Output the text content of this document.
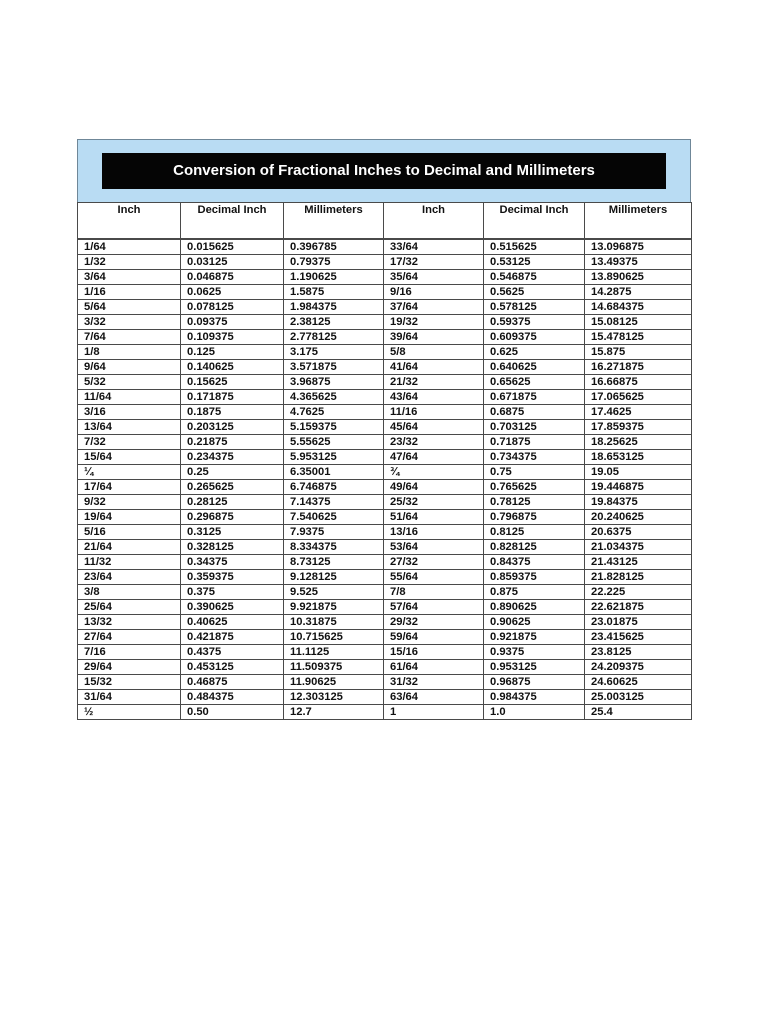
Conversion of Fractional Inches to Decimal and Millimeters
Inch	Decimal Inch	Millimeters	Inch	Decimal Inch	Millimeters
1/64	0.015625	0.396785	33/64	0.515625	13.096875
1/32	0.03125	0.79375	17/32	0.53125	13.49375
3/64	0.046875	1.190625	35/64	0.546875	13.890625
1/16	0.0625	1.5875	9/16	0.5625	14.2875
5/64	0.078125	1.984375	37/64	0.578125	14.684375
3/32	0.09375	2.38125	19/32	0.59375	15.08125
7/64	0.109375	2.778125	39/64	0.609375	15.478125
1/8	0.125	3.175	5/8	0.625	15.875
9/64	0.140625	3.571875	41/64	0.640625	16.271875
5/32	0.15625	3.96875	21/32	0.65625	16.66875
11/64	0.171875	4.365625	43/64	0.671875	17.065625
3/16	0.1875	4.7625	11/16	0.6875	17.4625
13/64	0.203125	5.159375	45/64	0.703125	17.859375
7/32	0.21875	5.55625	23/32	0.71875	18.25625
15/64	0.234375	5.953125	47/64	0.734375	18.653125
¼	0.25	6.35001	¾	0.75	19.05
17/64	0.265625	6.746875	49/64	0.765625	19.446875
9/32	0.28125	7.14375	25/32	0.78125	19.84375
19/64	0.296875	7.540625	51/64	0.796875	20.240625
5/16	0.3125	7.9375	13/16	0.8125	20.6375
21/64	0.328125	8.334375	53/64	0.828125	21.034375
11/32	0.34375	8.73125	27/32	0.84375	21.43125
23/64	0.359375	9.128125	55/64	0.859375	21.828125
3/8	0.375	9.525	7/8	0.875	22.225
25/64	0.390625	9.921875	57/64	0.890625	22.621875
13/32	0.40625	10.31875	29/32	0.90625	23.01875
27/64	0.421875	10.715625	59/64	0.921875	23.415625
7/16	0.4375	11.1125	15/16	0.9375	23.8125
29/64	0.453125	11.509375	61/64	0.953125	24.209375
15/32	0.46875	11.90625	31/32	0.96875	24.60625
31/64	0.484375	12.303125	63/64	0.984375	25.003125
½	0.50	12.7	1	1.0	25.4
